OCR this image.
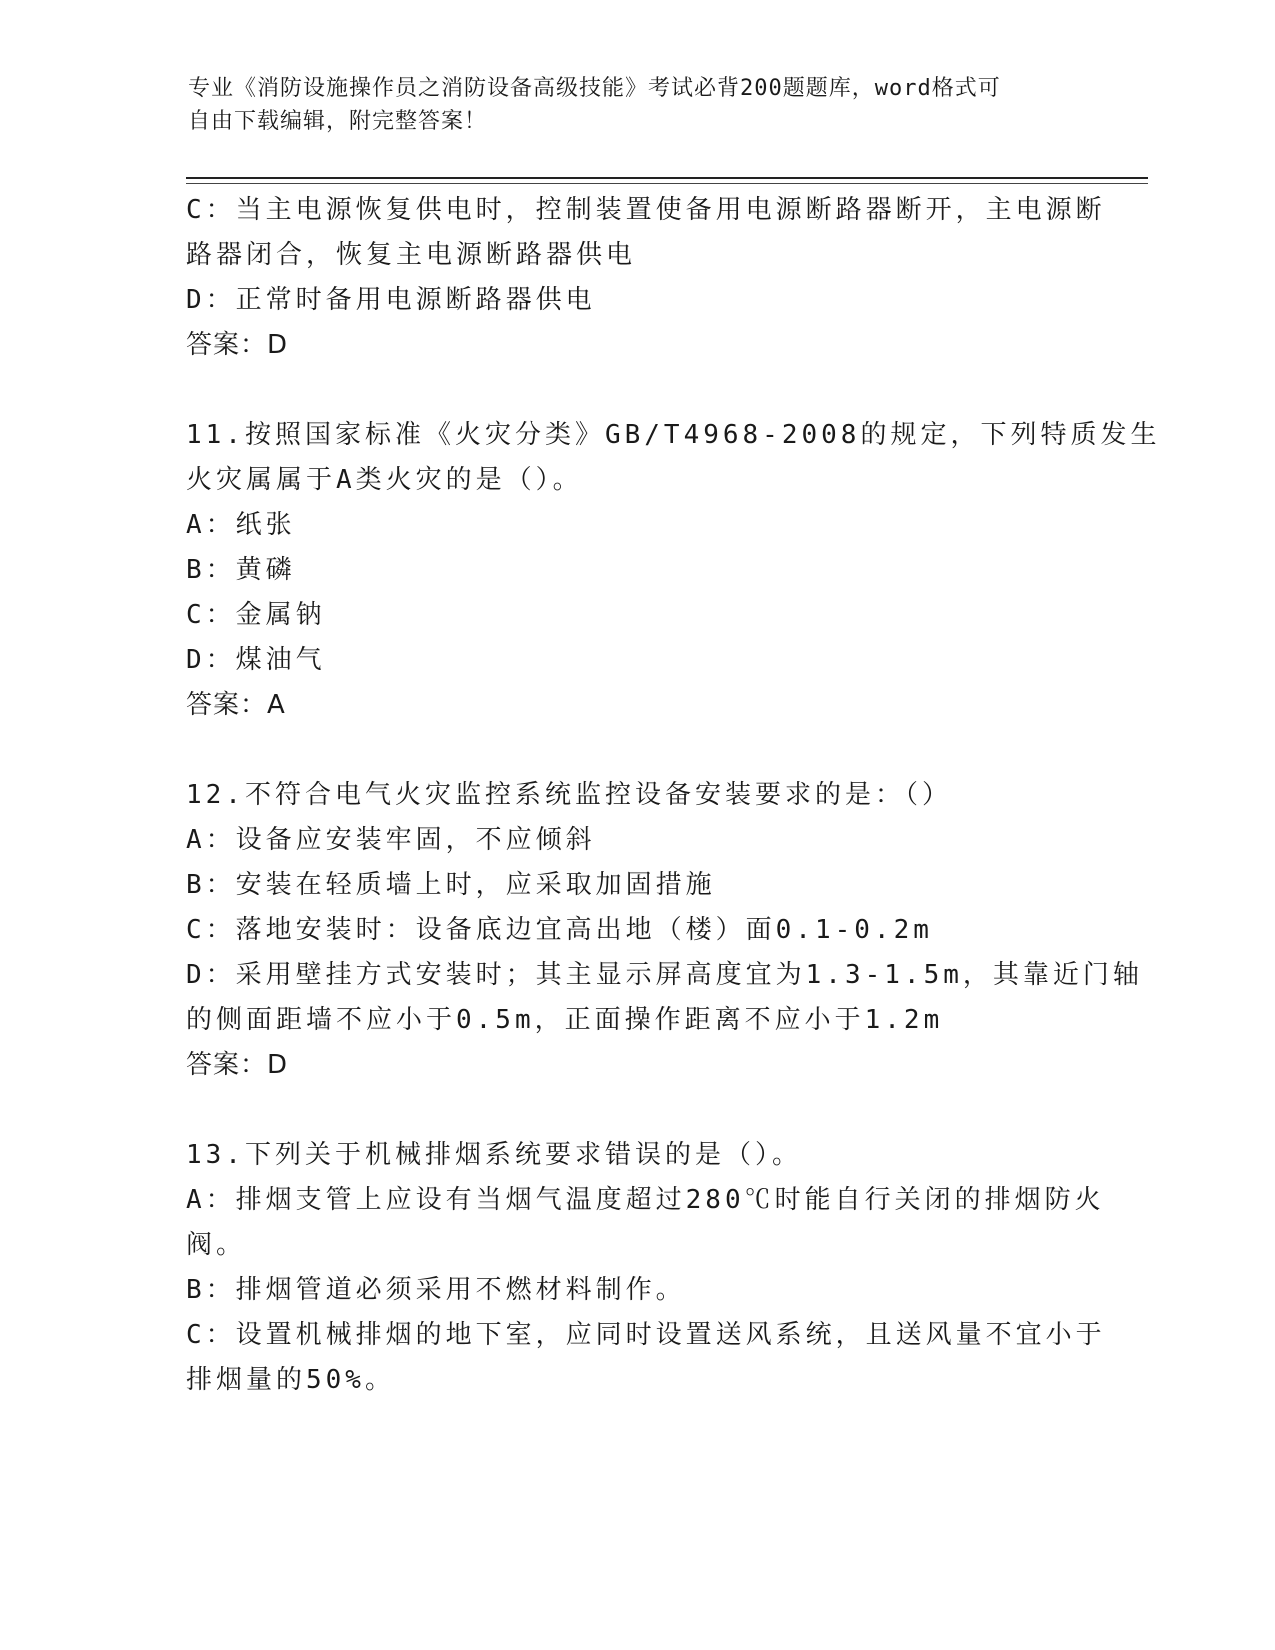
专业《消防设施操作员之消防设备高级技能》考试必背200题题库，word格式可
自由下载编辑，附完整答案！
C：当主电源恢复供电时，控制装置使备用电源断路器断开，主电源断
路器闭合，恢复主电源断路器供电
D：正常时备用电源断路器供电
答案：D
11.按照国家标准《火灾分类》GB/T4968-2008的规定，下列特质发生
火灾属属于A类火灾的是（）。
A：纸张
B：黄磷
C：金属钠
D：煤油气
答案：A
12.不符合电气火灾监控系统监控设备安装要求的是：（）
A：设备应安装牢固，不应倾斜
B：安装在轻质墙上时，应采取加固措施
C：落地安装时：设备底边宜高出地（楼）面0.1-0.2m
D：采用壁挂方式安装时；其主显示屏高度宜为1.3-1.5m，其靠近门轴
的侧面距墙不应小于0.5m，正面操作距离不应小于1.2m
答案：D
13.下列关于机械排烟系统要求错误的是（）。
A：排烟支管上应设有当烟气温度超过280℃时能自行关闭的排烟防火
阀。
B：排烟管道必须采用不燃材料制作。
C：设置机械排烟的地下室，应同时设置送风系统，且送风量不宜小于
排烟量的50%。
